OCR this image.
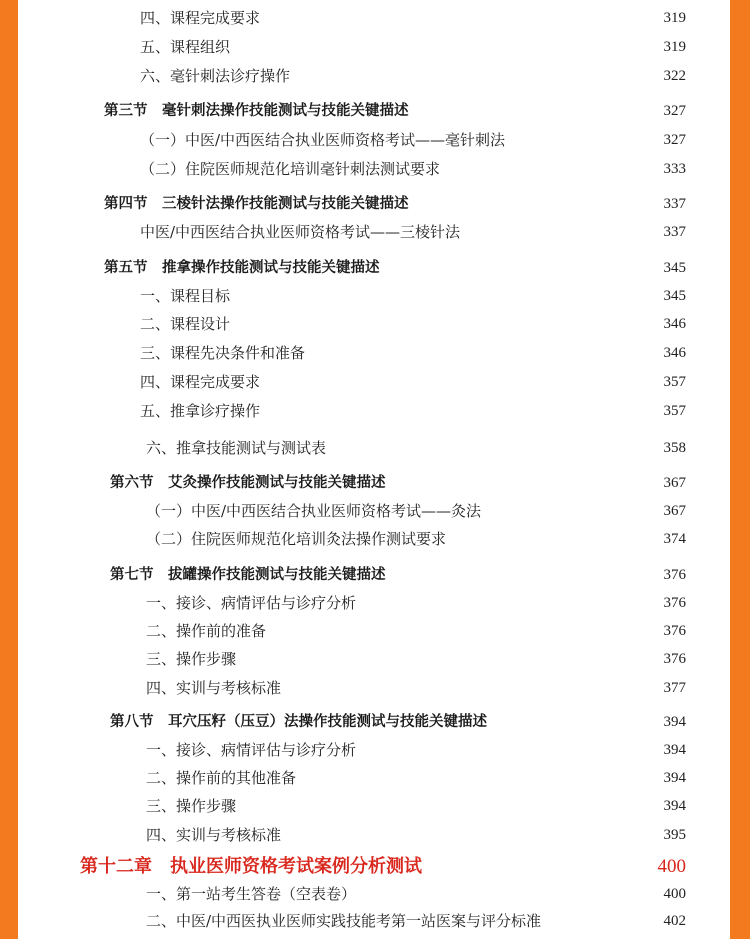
四、课程完成要求	319
五、课程组织	319
六、毫针刺法诊疗操作	322
第三节　毫针刺法操作技能测试与技能关键描述	327
（一）中医/中西医结合执业医师资格考试——毫针刺法	327
（二）住院医师规范化培训毫针刺法测试要求	333
第四节　三棱针法操作技能测试与技能关键描述	337
中医/中西医结合执业医师资格考试——三棱针法	337
第五节　推拿操作技能测试与技能关键描述	345
一、课程目标	345
二、课程设计	346
三、课程先决条件和准备	346
四、课程完成要求	357
五、推拿诊疗操作	357
六、推拿技能测试与测试表	358
第六节　艾灸操作技能测试与技能关键描述	367
（一）中医/中西医结合执业医师资格考试——灸法	367
（二）住院医师规范化培训灸法操作测试要求	374
第七节　拔罐操作技能测试与技能关键描述	376
一、接诊、病情评估与诊疗分析	376
二、操作前的准备	376
三、操作步骤	376
四、实训与考核标准	377
第八节　耳穴压籽（压豆）法操作技能测试与技能关键描述	394
一、接诊、病情评估与诊疗分析	394
二、操作前的其他准备	394
三、操作步骤	394
四、实训与考核标准	395
第十二章　执业医师资格考试案例分析测试	400
一、第一站考生答卷（空表卷）	400
二、中医/中西医执业医师实践技能考第一站医案与评分标准	402
